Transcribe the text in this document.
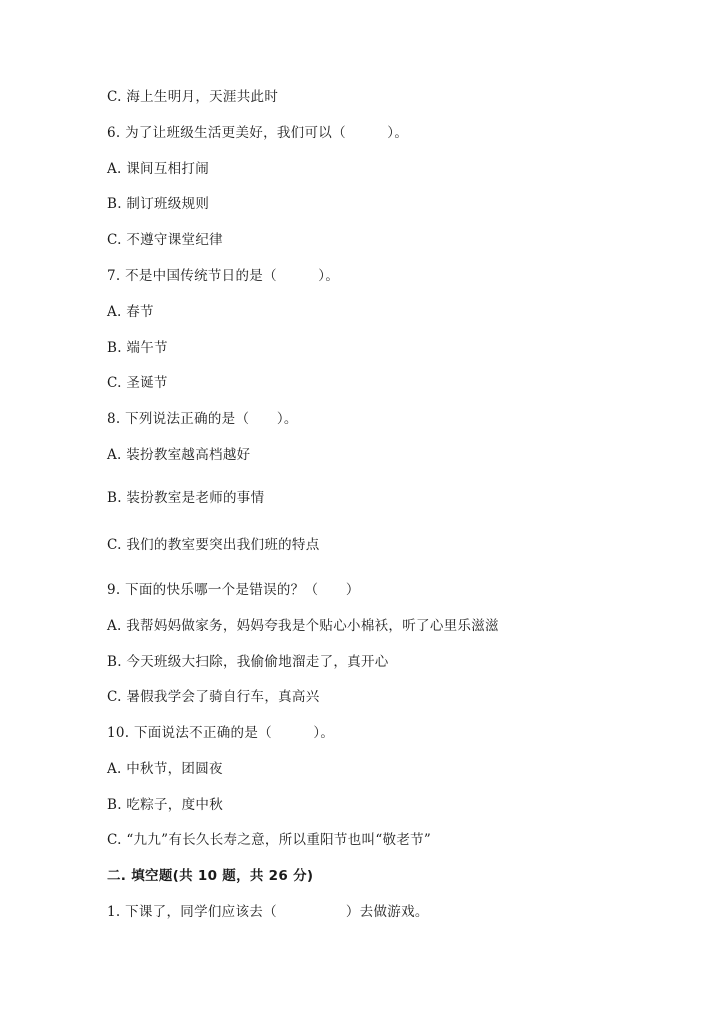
C. 海上生明月，天涯共此时
6. 为了让班级生活更美好，我们可以（　　　）。
A. 课间互相打闹
B. 制订班级规则
C. 不遵守课堂纪律
7. 不是中国传统节日的是（　　　）。
A. 春节
B. 端午节
C. 圣诞节
8. 下列说法正确的是（　　）。
A. 装扮教室越高档越好
B. 装扮教室是老师的事情
C. 我们的教室要突出我们班的特点
9. 下面的快乐哪一个是错误的？（　　）
A. 我帮妈妈做家务，妈妈夸我是个贴心小棉袄，听了心里乐滋滋
B. 今天班级大扫除，我偷偷地溜走了，真开心
C. 暑假我学会了骑自行车，真高兴
10. 下面说法不正确的是（　　　）。
A. 中秋节，团圆夜
B. 吃粽子，度中秋
C. “九九”有长久长寿之意，所以重阳节也叫“敬老节”
二. 填空题(共 10 题，共 26 分)
1. 下课了，同学们应该去（　　　　　）去做游戏。
